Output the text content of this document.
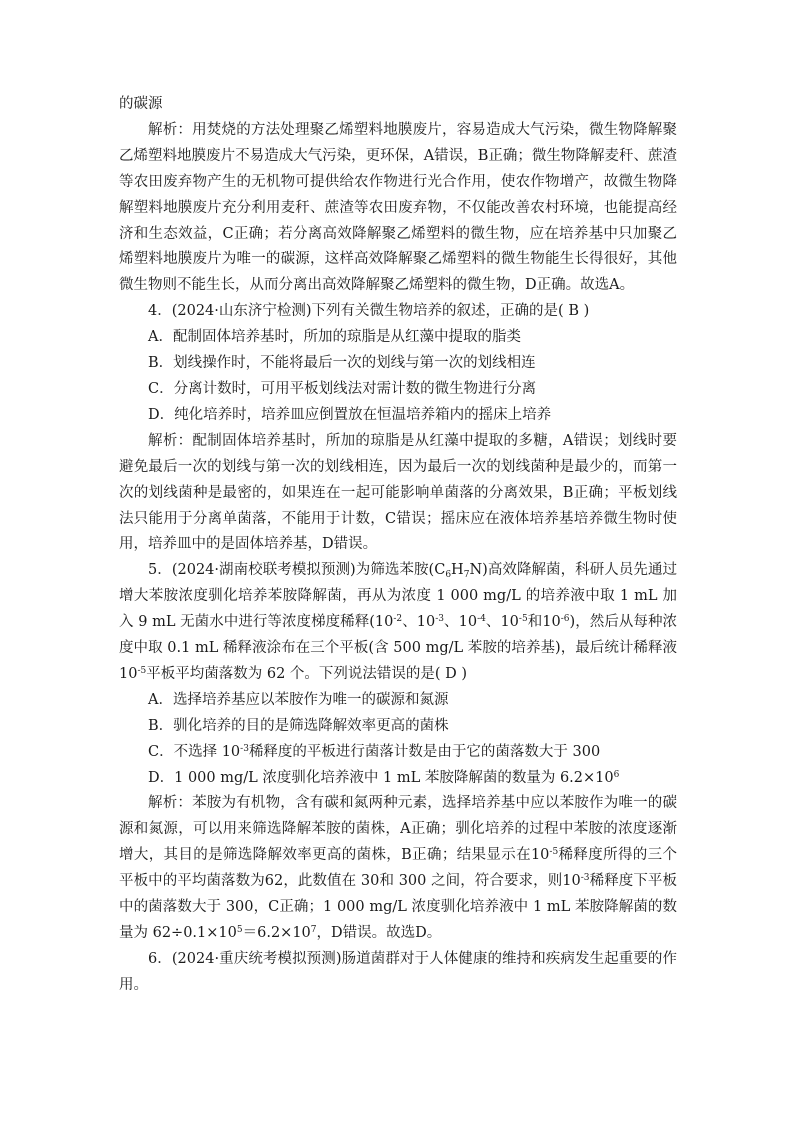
的碳源

解析：用焚烧的方法处理聚乙烯塑料地膜废片，容易造成大气污染，微生物降解聚乙烯塑料地膜废片不易造成大气污染，更环保，A错误，B正确；微生物降解麦秆、蔗渣等农田废弃物产生的无机物可提供给农作物进行光合作用，使农作物增产，故微生物降解塑料地膜废片充分利用麦秆、蔗渣等农田废弃物，不仅能改善农村环境，也能提高经济和生态效益，C正确；若分离高效降解聚乙烯塑料的微生物，应在培养基中只加聚乙烯塑料地膜废片为唯一的碳源，这样高效降解聚乙烯塑料的微生物能生长得很好，其他微生物则不能生长，从而分离出高效降解聚乙烯塑料的微生物，D正确。故选A。

4．(2024·山东济宁检测)下列有关微生物培养的叙述，正确的是( B )

A．配制固体培养基时，所加的琼脂是从红藻中提取的脂类

B．划线操作时，不能将最后一次的划线与第一次的划线相连

C．分离计数时，可用平板划线法对需计数的微生物进行分离

D．纯化培养时，培养皿应倒置放在恒温培养箱内的摇床上培养

解析：配制固体培养基时，所加的琼脂是从红藻中提取的多糖，A错误；划线时要避免最后一次的划线与第一次的划线相连，因为最后一次的划线菌种是最少的，而第一次的划线菌种是最密的，如果连在一起可能影响单菌落的分离效果，B正确；平板划线法只能用于分离单菌落，不能用于计数，C错误；摇床应在液体培养基培养微生物时使用，培养皿中的是固体培养基，D错误。

5．(2024·湖南校联考模拟预测)为筛选苯胺$(C_6H_7N)$高效降解菌，科研人员先通过增大苯胺浓度驯化培养苯胺降解菌，再从为浓度 1 000 mg/L 的培养液中取 1 mL 加入 9 mL 无菌水中进行等浓度梯度稀释($10^{-2}$、$10^{-3}$、$10^{-4}$、$10^{-5}$和$10^{-6}$)，然后从每种浓度中取 0.1 mL 稀释液涂布在三个平板(含 500 mg/L 苯胺的培养基)，最后统计稀释液 $10^{-5}$平板平均菌落数为 62 个。下列说法错误的是( D )

A．选择培养基应以苯胺作为唯一的碳源和氮源

B．驯化培养的目的是筛选降解效率更高的菌株

C．不选择 $10^{-3}$稀释度的平板进行菌落计数是由于它的菌落数大于 300

D．1 000 mg/L 浓度驯化培养液中 1 mL 苯胺降解菌的数量为 $6.2\times 10^6$

解析：苯胺为有机物，含有碳和氮两种元素，选择培养基中应以苯胺作为唯一的碳源和氮源，可以用来筛选降解苯胺的菌株，A正确；驯化培养的过程中苯胺的浓度逐渐增大，其目的是筛选降解效率更高的菌株，B正确；结果显示在$10^{-5}$稀释度所得的三个平板中的平均菌落数为62，此数值在 30和 300 之间，符合要求，则$10^{-3}$稀释度下平板中的菌落数大于 300，C正确；1 000 mg/L 浓度驯化培养液中 1 mL 苯胺降解菌的数量为 $62\div 0.1\times 10^5=6.2\times 10^7$，D错误。故选D。

6．(2024·重庆统考模拟预测)肠道菌群对于人体健康的维持和疾病发生起重要的作用。
